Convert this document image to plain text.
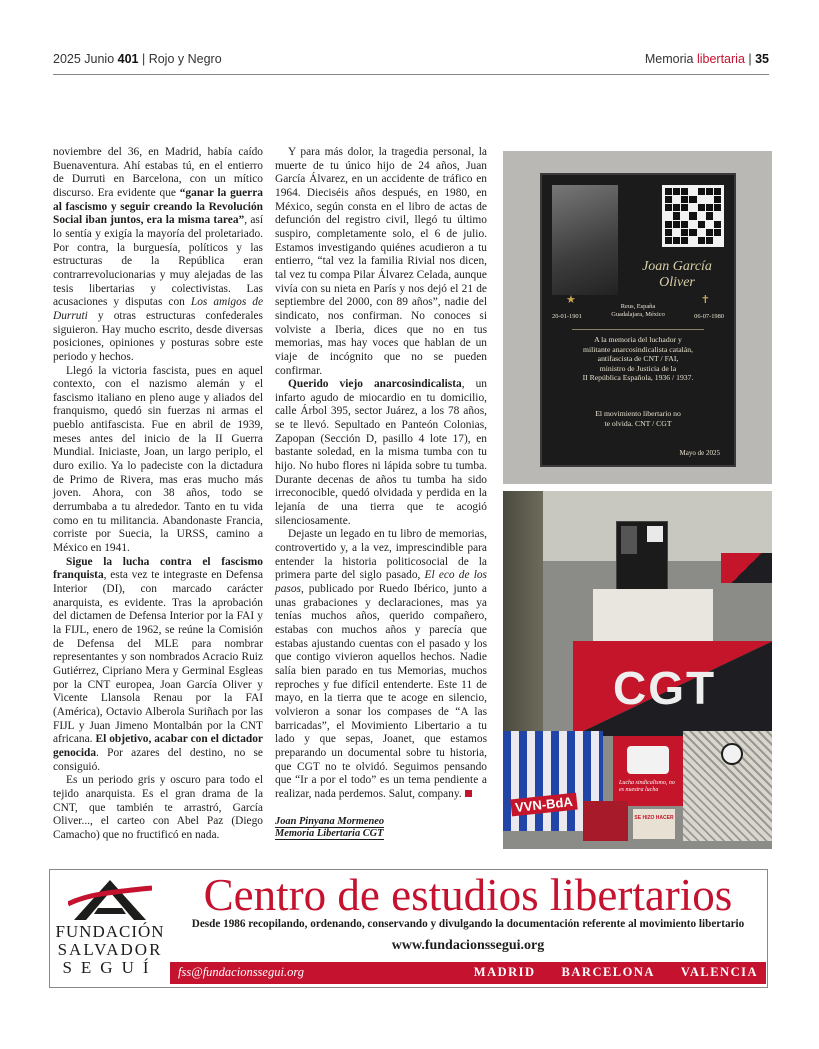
2025 Junio 401 | Rojo y Negro	Memoria libertaria | 35

noviembre del 36, en Madrid, había caído Buenaventura. Ahí estabas tú, en el entierro de Durruti en Barcelona, con un mítico discurso. Era evidente que “ganar la guerra al fascismo y seguir creando la Revolución Social iban juntos, era la misma tarea”, así lo sentía y exigía la mayoría del proletariado. Por contra, la burguesía, políticos y las estructuras de la República eran contrarrevolucionarias y muy alejadas de las tesis libertarias y colectivistas. Las acusaciones y disputas con Los amigos de Durruti y otras estructuras confederales siguieron. Hay mucho escrito, desde diversas posiciones, opiniones y posturas sobre este periodo y hechos.

Llegó la victoria fascista, pues en aquel contexto, con el nazismo alemán y el fascismo italiano en pleno auge y aliados del franquismo, quedó sin fuerzas ni armas el pueblo antifascista. Fue en abril de 1939, meses antes del inicio de la II Guerra Mundial. Iniciaste, Joan, un largo periplo, el duro exilio. Ya lo padeciste con la dictadura de Primo de Rivera, mas eras mucho más joven. Ahora, con 38 años, todo se derrumbaba a tu alrededor. Tanto en tu vida como en tu militancia. Abandonaste Francia, corriste por Suecia, la URSS, camino a México en 1941.

Sigue la lucha contra el fascismo franquista, esta vez te integraste en Defensa Interior (DI), con marcado carácter anarquista, es evidente. Tras la aprobación del dictamen de Defensa Interior por la FAI y la FIJL, enero de 1962, se reúne la Comisión de Defensa del MLE para nombrar representantes y son nombrados Acracio Ruiz Gutiérrez, Cipriano Mera y Germinal Esgleas por la CNT europea, Joan García Oliver y Vicente Llansola Renau por la FAI (América), Octavio Alberola Suriñach por las FIJL y Juan Jimeno Montalbán por la CNT africana. El objetivo, acabar con el dictador genocida. Por azares del destino, no se consiguió.

Es un periodo gris y oscuro para todo el tejido anarquista. Es el gran drama de la CNT, que también te arrastró, García Oliver..., el carteo con Abel Paz (Diego Camacho) que no fructificó en nada.

Y para más dolor, la tragedia personal, la muerte de tu único hijo de 24 años, Juan García Álvarez, en un accidente de tráfico en 1964. Dieciséis años después, en 1980, en México, según consta en el libro de actas de defunción del registro civil, llegó tu último suspiro, completamente solo, el 6 de julio. Estamos investigando quiénes acudieron a tu entierro, “tal vez la familia Rivial nos dicen, tal vez tu compa Pilar Álvarez Celada, aunque vivía con su nieta en París y nos dejó el 21 de septiembre del 2000, con 89 años”, nadie del sindicato, nos confirman. No conoces si volviste a Iberia, dices que no en tus memorias, mas hay voces que hablan de un viaje de incógnito que no se pueden confirmar.

Querido viejo anarcosindicalista, un infarto agudo de miocardio en tu domicilio, calle Árbol 395, sector Juárez, a los 78 años, se te llevó. Sepultado en Panteón Colonias, Zapopan (Sección D, pasillo 4 lote 17), en bastante soledad, en la misma tumba con tu hijo. No hubo flores ni lápida sobre tu tumba. Durante decenas de años tu tumba ha sido irreconocible, quedó olvidada y perdida en la lejanía de una tierra que te acogió silenciosamente.

Dejaste un legado en tu libro de memorias, controvertido y, a la vez, imprescindible para entender la historia politicosocial de la primera parte del siglo pasado, El eco de los pasos, publicado por Ruedo Ibérico, junto a unas grabaciones y declaraciones, mas ya tenías muchos años, querido compañero, estabas con muchos años y parecía que estabas ajustando cuentas con el pasado y los que contigo vivieron aquellos hechos. Nadie salía bien parado en tus Memorias, muchos reproches y fue difícil entenderte. Este 11 de mayo, en la tierra que te acoge en silencio, volvieron a sonar los compases de “A las barricadas”, el Movimiento Libertario a tu lado y que sepas, Joanet, que estamos preparando un documental sobre tu historia, que CGT no te olvidó. Seguimos pensando que “Ir a por el todo” es un tema pendiente a realizar, nada perdemos. Salut, company.

Joan Pinyana Mormeneo
Memoria Libertaria CGT

Joan García
Oliver
★	✝
20-01-1901
Reus, España
Guadalajara, México	06-07-1980
A la memoria del luchador y
militante anarcosindicalista catalán,
antifascista de CNT / FAI,
ministro de Justicia de la
II República Española, 1936 / 1937.
El movimiento libertario no
te olvida. CNT / CGT
Mayo de 2025
CGT
VVN-BdA
Lucha sindicalismo, no es nuestra lucha
SE HIZO HACER
FUNDACIÓN
SALVADOR
SEGUÍ
Centro de estudios libertarios
Desde 1986 recopilando, ordenando, conservando y divulgando la documentación referente al movimiento libertario
www.fundacionssegui.org
fss@fundacionssegui.org	MADRID BARCELONA VALENCIA
